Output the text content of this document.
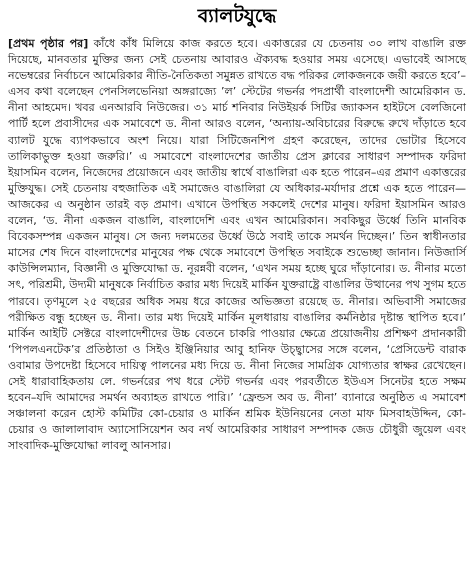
ব্যালটযুদ্ধে

[প্রথম পৃষ্ঠার পর] কাঁধে কাঁধ মিলিয়ে কাজ করতে হবে। একাত্তরের যে চেতনায় ৩০ লাখ বাঙালি রক্ত দিয়েছে, মানবতার মুক্তির জন্য সেই চেতনায় আবারও ঐক্যবদ্ধ হওয়ার সময় এসেছে। এভাবেই আসছে নভেম্বরের নির্বাচনে আমেরিকার নীতি-নৈতিকতা সমুন্নত রাখতে বদ্ধ পরিকর লোকজনকে জয়ী করতে হবে’–এসব কথা বলেছেন পেনসিলভেনিয়া অঙ্গরাজ্যে ’ল’ স্টেটের গভর্নর পদপ্রার্থী বাংলাদেশী আমেরিকান ড. নীনা আহমেদ। খবর এনআরবি নিউজের। ৩১ মার্চ শনিবার নিউইয়র্ক সিটির জ্যাকসন হাইটসে বেলজিনো পার্টি হলে প্রবাসীদের এক সমাবেশে ড. নীনা আরও বলেন, ‘অন্যায়-অবিচারের বিরুদ্ধে রুখে দাঁড়াতে হবে ব্যালট যুদ্ধে ব্যাপকভাবে অংশ নিয়ে। যারা সিটিজেনশিপ গ্রহণ করেছেন, তাদের ভোটার হিসেবে তালিকাভুক্ত হওয়া জরুরি।’ এ সমাবেশে বাংলাদেশের জাতীয় প্রেস ক্লাবের সাধারণ সম্পাদক ফরিদা ইয়াসমিন বলেন, নিজেদের প্রয়োজনে এবং জাতীয় স্বার্থে বাঙালিরা এক হতে পারেন–এর প্রমাণ একাত্তরের মুক্তিযুদ্ধ। সেই চেতনায় বহুজাতিক এই সমাজেও বাঙালিরা যে অধিকার-মর্যাদার প্রশ্নে এক হতে পারেন—আজকের এ অনুষ্ঠান তারই বড় প্রমাণ। এখানে উপস্থিত সকলেই দেশের মানুষ। ফরিদা ইয়াসমিন আরও বলেন, ‘ড. নীনা একজন বাঙালি, বাংলাদেশি এবং এখন আমেরিকান। সবকিছুর উর্ধ্বে তিনি মানবিক বিবেকসম্পন্ন একজন মানুষ। সে জন্য দলমতের উর্ধ্বে উঠে সবাই তাকে সমর্থন দিচ্ছেন।’ তিন স্বাধীনতার মাসের শেষ দিনে বাংলাদেশের মানুষের পক্ষ থেকে সমাবেশে উপস্থিত সবাইকে শুভেচ্ছা জানান। নিউজার্সি কাউন্সিলম্যান, বিজ্ঞানী ও মুক্তিযোদ্ধা ড. নূরন্নবী বলেন, ‘এখন সময় হচ্ছে ঘুরে দাঁড়ানোর। ড. নীনার মতো সৎ, পরিশ্রমী, উদ্যমী মানুষকে নির্বাচিত করার মধ্য দিয়েই মার্কিন যুক্তরাষ্ট্রে বাঙালির উত্থানের পথ সুগম হতে পারবে। তৃণমূলে ২৫ বছরের অধিক সময় ধরে কাজের অভিজ্ঞতা রয়েছে ড. নীনার। অভিবাসী সমাজের পরীক্ষিত বন্ধু হচ্ছেন ড. নীনা। তার মধ্য দিয়েই মার্কিন মূলধারায় বাঙালির কর্মনিষ্ঠার দৃষ্টান্ত স্থাপিত হবে।’ মার্কিন আইটি সেক্টরে বাংলাদেশীদের উচ্চ বেতনে চাকরি পাওয়ার ক্ষেত্রে প্রয়োজনীয় প্রশিক্ষণ প্রদানকারী ‘পিপলএনটেক’র প্রতিষ্ঠাতা ও সিইও ইঞ্জিনিয়ার আবু হানিফ উচ্ছ্বাসের সঙ্গে বলেন, ‘প্রেসিডেন্ট বারাক ওবামার উপদেষ্টা হিসেবে দায়িত্ব পালনের মধ্য দিয়ে ড. নীনা নিজের সামগ্রিক যোগ্যতার স্বাক্ষর রেখেছেন। সেই ধারাবাহিকতায় লে. গভর্নরের পথ ধরে স্টেট গভর্নর এবং পরবর্তীতে ইউএস সিনেটর হতে সক্ষম হবেন–যদি আমাদের সমর্থন অব্যাহত রাখতে পারি।’ ‘ফ্রেন্ডস অব ড. নীনা’ ব্যানারে অনুষ্ঠিত এ সমাবেশ সঞ্চালনা করেন হোস্ট কমিটির কো-চেয়ার ও মার্কিন শ্রমিক ইউনিয়নের নেতা মাফ মিসবাহউদ্দিন, কো-চেয়ার ও জালালাবাদ অ্যাসোসিয়েশন অব নর্থ আমেরিকার সাধারণ সম্পাদক জেড চৌধুরী জুয়েল এবং সাংবাদিক-মুক্তিযোদ্ধা লাবলু আনসার।
